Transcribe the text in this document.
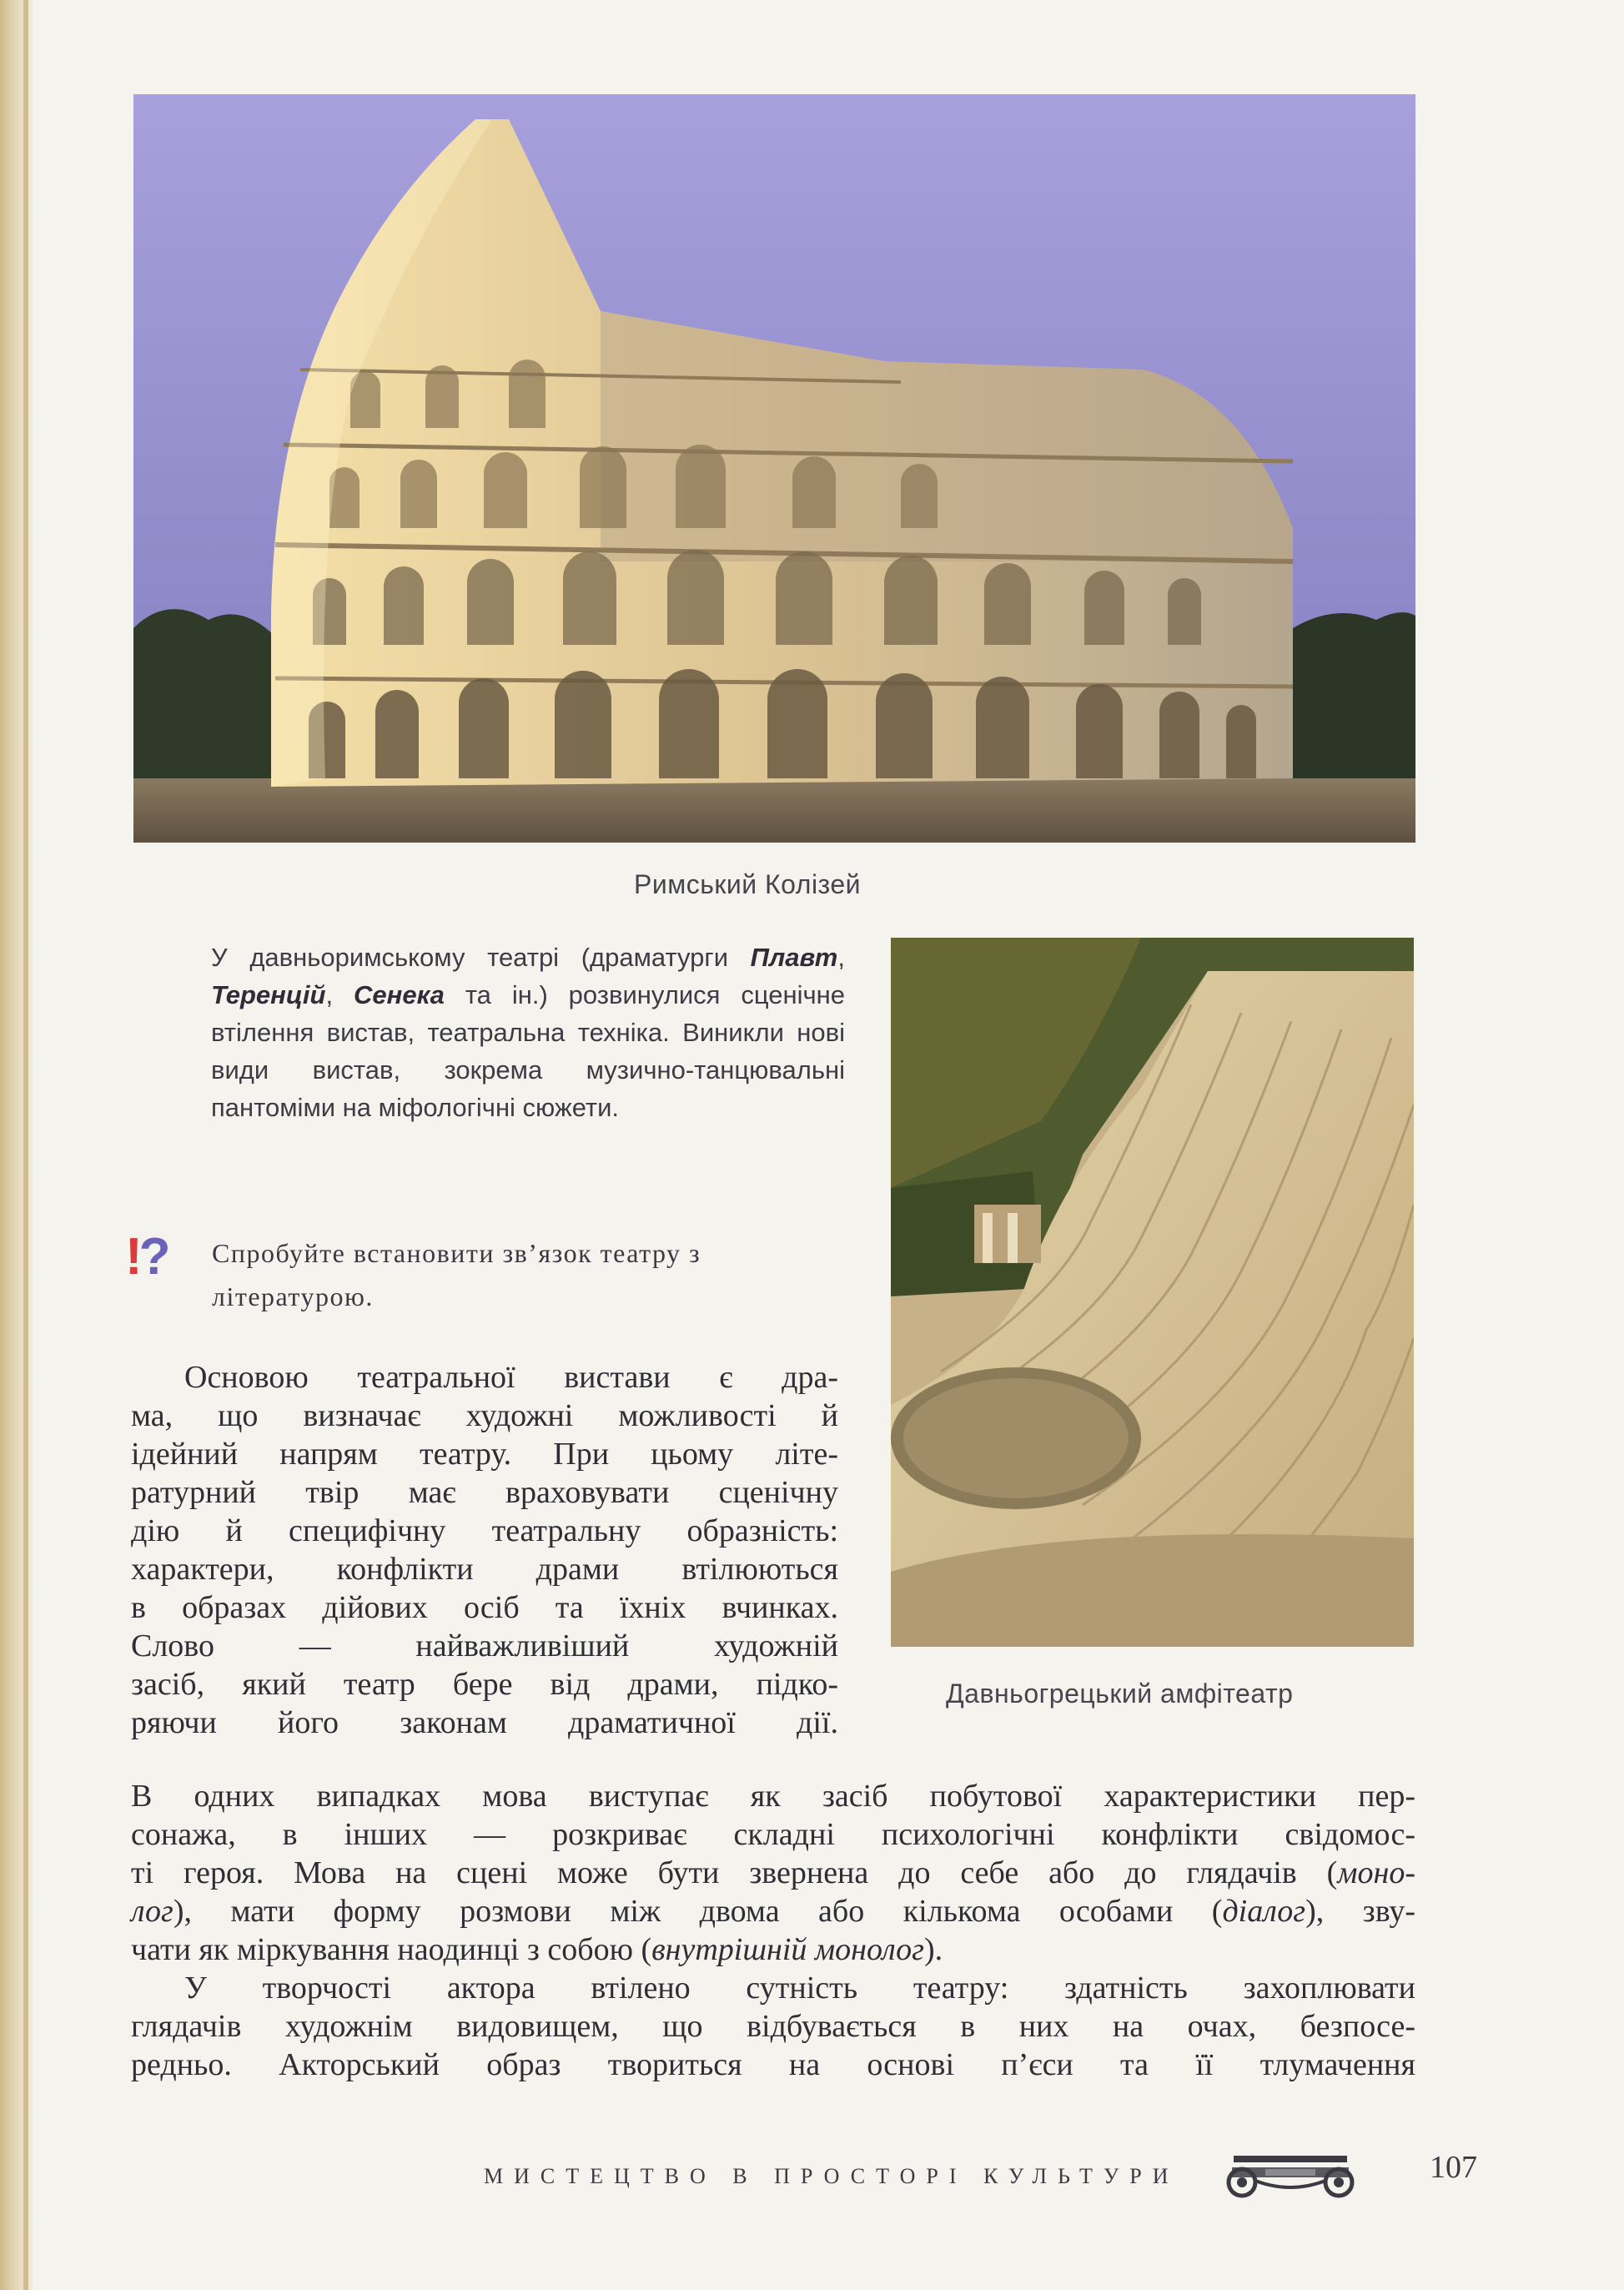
Римський Колізей
У давньоримському театрі (драматурги Плавт, Теренцій, Сенека та ін.) розвинулися сценічне втілення вистав, театральна техніка. Виникли нові види вистав, зокрема музично-танцювальні пантоміми на міфологічні сюжети.
!? Спробуйте встановити зв’язок театру з
літературою.
Давньогрецький амфітеатр
Основою театральної вистави є дра-
ма, що визначає художні можливості й
ідейний напрям театру. При цьому літе-
ратурний твір має враховувати сценічну
дію й специфічну театральну образність:
характери, конфлікти драми втілюються
в образах дійових осіб та їхніх вчинках.
Слово — найважливіший художній
засіб, який театр бере від драми, підко-
ряючи його законам драматичної дії.
В одних випадках мова виступає як засіб побутової характеристики пер-
сонажа, в інших — розкриває складні психологічні конфлікти свідомос-
ті героя. Мова на сцені може бути звернена до себе або до глядачів (моно-
лог), мати форму розмови між двома або кількома особами (діалог), зву-
чати як міркування наодинці з собою (внутрішній монолог).
У творчості актора втілено сутність театру: здатність захоплювати
глядачів художнім видовищем, що відбувається в них на очах, безпосе-
редньо. Акторський образ твориться на основі п’єси та її тлумачення
МИСТЕЦТВО В ПРОСТОРІ КУЛЬТУРИ	107
